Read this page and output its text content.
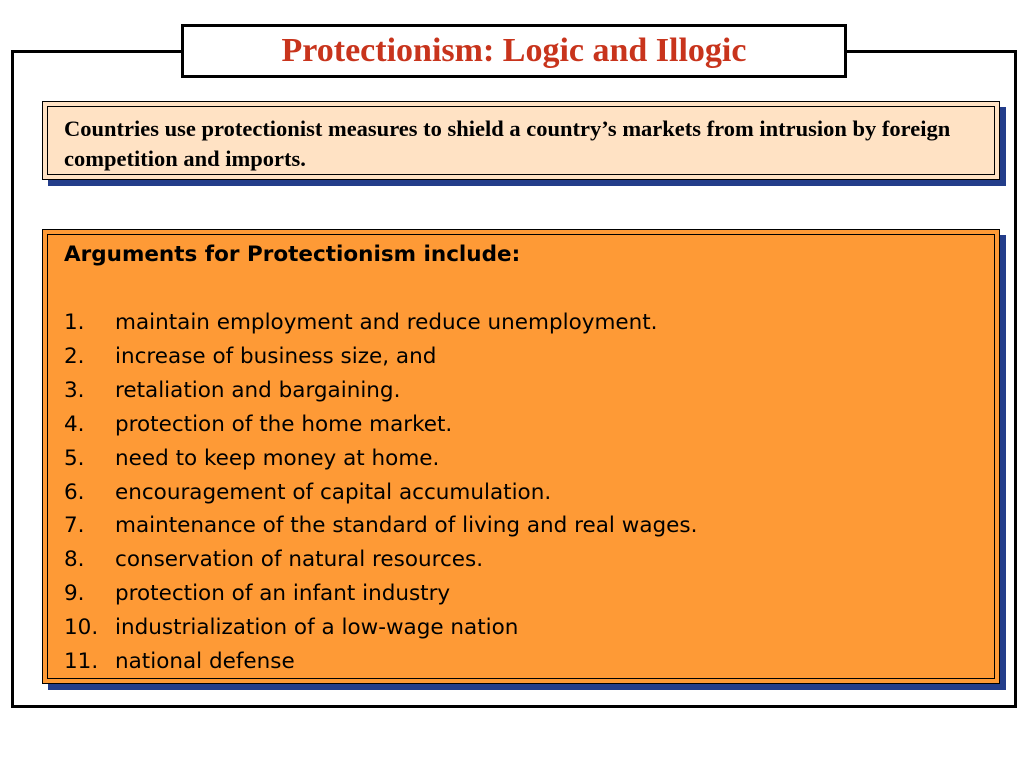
Protectionism: Logic and Illogic
Countries use protectionist measures to shield a country’s markets from intrusion by foreign competition and imports.
Arguments for Protectionism include:
1.	maintain employment and reduce unemployment.
2.	increase of business size, and
3.	retaliation and bargaining.
4.	protection of the home market.
5.	need to keep money at home.
6.	encouragement of capital accumulation.
7.	maintenance of the standard of living and real wages.
8.	conservation of natural resources.
9.	protection of an infant industry
10. industrialization of a low-wage nation
11. national defense
